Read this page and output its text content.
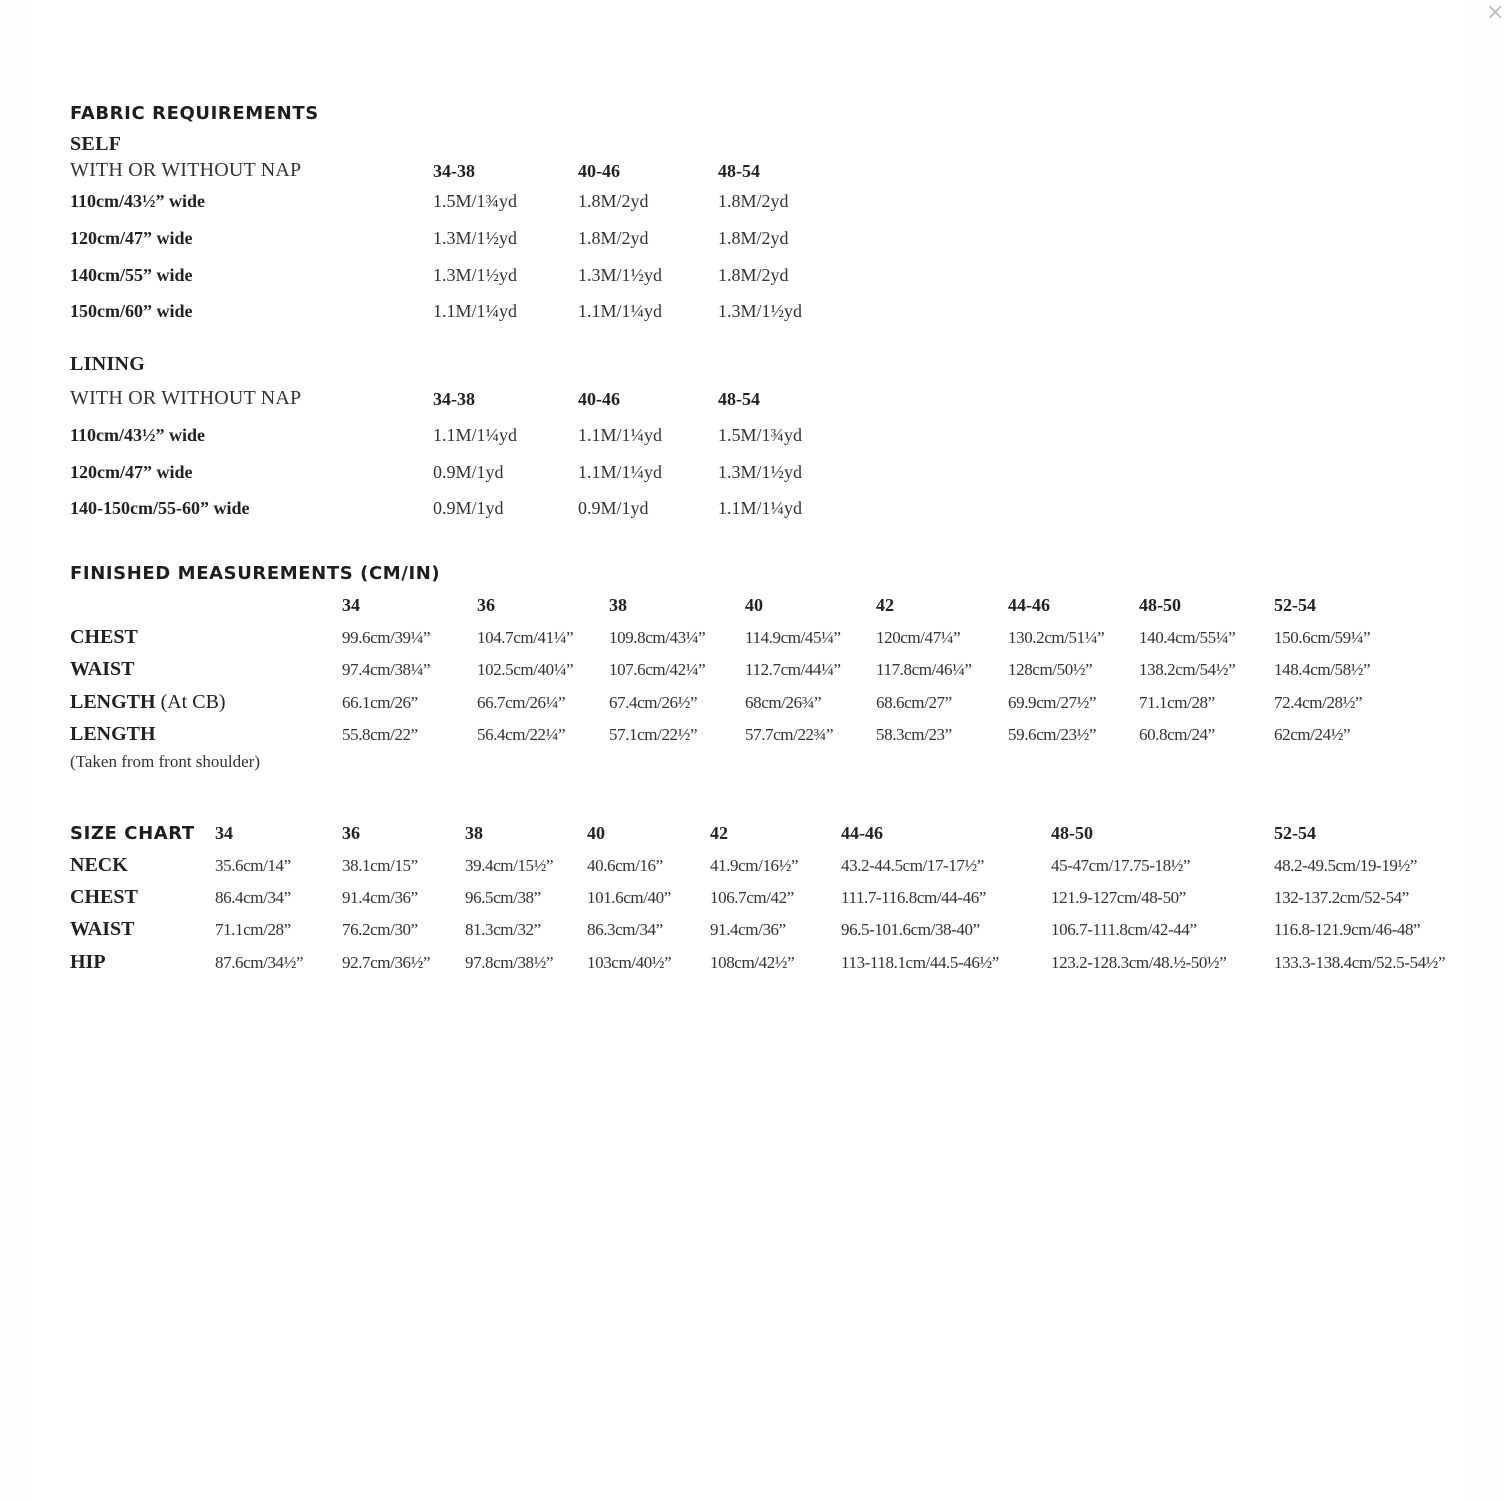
×
FABRIC REQUIREMENTS
SELF
WITH OR WITHOUT NAP	34-38	40-46	48-54
110cm/43½” wide	1.5M/1¾yd	1.8M/2yd	1.8M/2yd
120cm/47” wide	1.3M/1½yd	1.8M/2yd	1.8M/2yd
140cm/55” wide	1.3M/1½yd	1.3M/1½yd	1.8M/2yd
150cm/60” wide	1.1M/1¼yd	1.1M/1¼yd	1.3M/1½yd
LINING
WITH OR WITHOUT NAP	34-38	40-46	48-54
110cm/43½” wide	1.1M/1¼yd	1.1M/1¼yd	1.5M/1¾yd
120cm/47” wide	0.9M/1yd	1.1M/1¼yd	1.3M/1½yd
140-150cm/55-60” wide	0.9M/1yd	0.9M/1yd	1.1M/1¼yd
FINISHED MEASUREMENTS (CM/IN)
34	36	38	40	42	44-46	48-50	52-54
CHEST	99.6cm/39¼”	104.7cm/41¼” 109.8cm/43¼” 114.9cm/45¼” 120cm/47¼”	130.2cm/51¼” 140.4cm/55¼” 150.6cm/59¼”
WAIST	97.4cm/38¼”	102.5cm/40¼” 107.6cm/42¼” 112.7cm/44¼” 117.8cm/46¼” 128cm/50½”	138.2cm/54½” 148.4cm/58½”
LENGTH (At CB)	66.1cm/26”	66.7cm/26¼”	67.4cm/26½”	68cm/26¾”	68.6cm/27”	69.9cm/27½”	71.1cm/28”	72.4cm/28½”
LENGTH	55.8cm/22”	56.4cm/22¼”	57.1cm/22½”	57.7cm/22¾”	58.3cm/23”	59.6cm/23½”	60.8cm/24”	62cm/24½”
(Taken from front shoulder)
SIZE CHART 34	36	38	40	42	44-46	48-50	52-54
NECK	35.6cm/14”	38.1cm/15”	39.4cm/15½” 40.6cm/16”	41.9cm/16½”	43.2-44.5cm/17-17½”	45-47cm/17.75-18½”	48.2-49.5cm/19-19½”
CHEST	86.4cm/34”	91.4cm/36”	96.5cm/38”	101.6cm/40” 106.7cm/42”	111.7-116.8cm/44-46”	121.9-127cm/48-50”	132-137.2cm/52-54”
WAIST	71.1cm/28”	76.2cm/30”	81.3cm/32”	86.3cm/34”	91.4cm/36”	96.5-101.6cm/38-40”	106.7-111.8cm/42-44”	116.8-121.9cm/46-48”
HIP	87.6cm/34½” 92.7cm/36½” 97.8cm/38½” 103cm/40½” 108cm/42½”	113-118.1cm/44.5-46½”	123.2-128.3cm/48.½-50½”	133.3-138.4cm/52.5-54½”
